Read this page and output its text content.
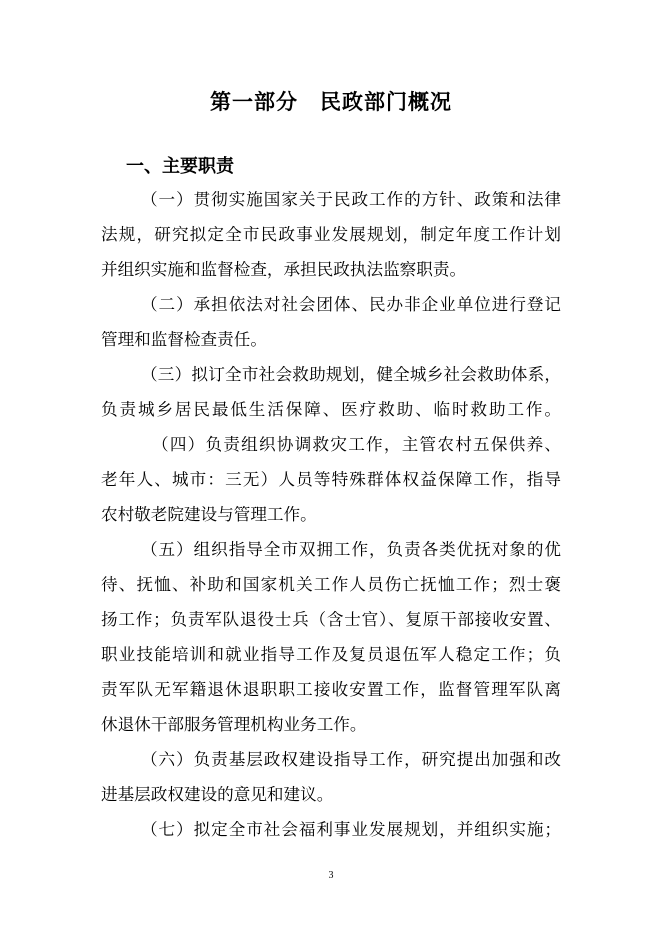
第一部分　民政部门概况
一、主要职责
（一）贯彻实施国家关于民政工作的方针、政策和法律
法规，研究拟定全市民政事业发展规划，制定年度工作计划
并组织实施和监督检查，承担民政执法监察职责。
（二）承担依法对社会团体、民办非企业单位进行登记
管理和监督检查责任。
（三）拟订全市社会救助规划，健全城乡社会救助体系，
负责城乡居民最低生活保障、医疗救助、临时救助工作。
（四）负责组织协调救灾工作，主管农村五保供养、
老年人、城市：三无）人员等特殊群体权益保障工作，指导
农村敬老院建设与管理工作。
（五）组织指导全市双拥工作，负责各类优抚对象的优
待、抚恤、补助和国家机关工作人员伤亡抚恤工作；烈士褒
扬工作；负责军队退役士兵（含士官）、复原干部接收安置、
职业技能培训和就业指导工作及复员退伍军人稳定工作；负
责军队无军籍退休退职职工接收安置工作，监督管理军队离
休退休干部服务管理机构业务工作。
（六）负责基层政权建设指导工作，研究提出加强和改
进基层政权建设的意见和建议。
（七）拟定全市社会福利事业发展规划，并组织实施；
3
